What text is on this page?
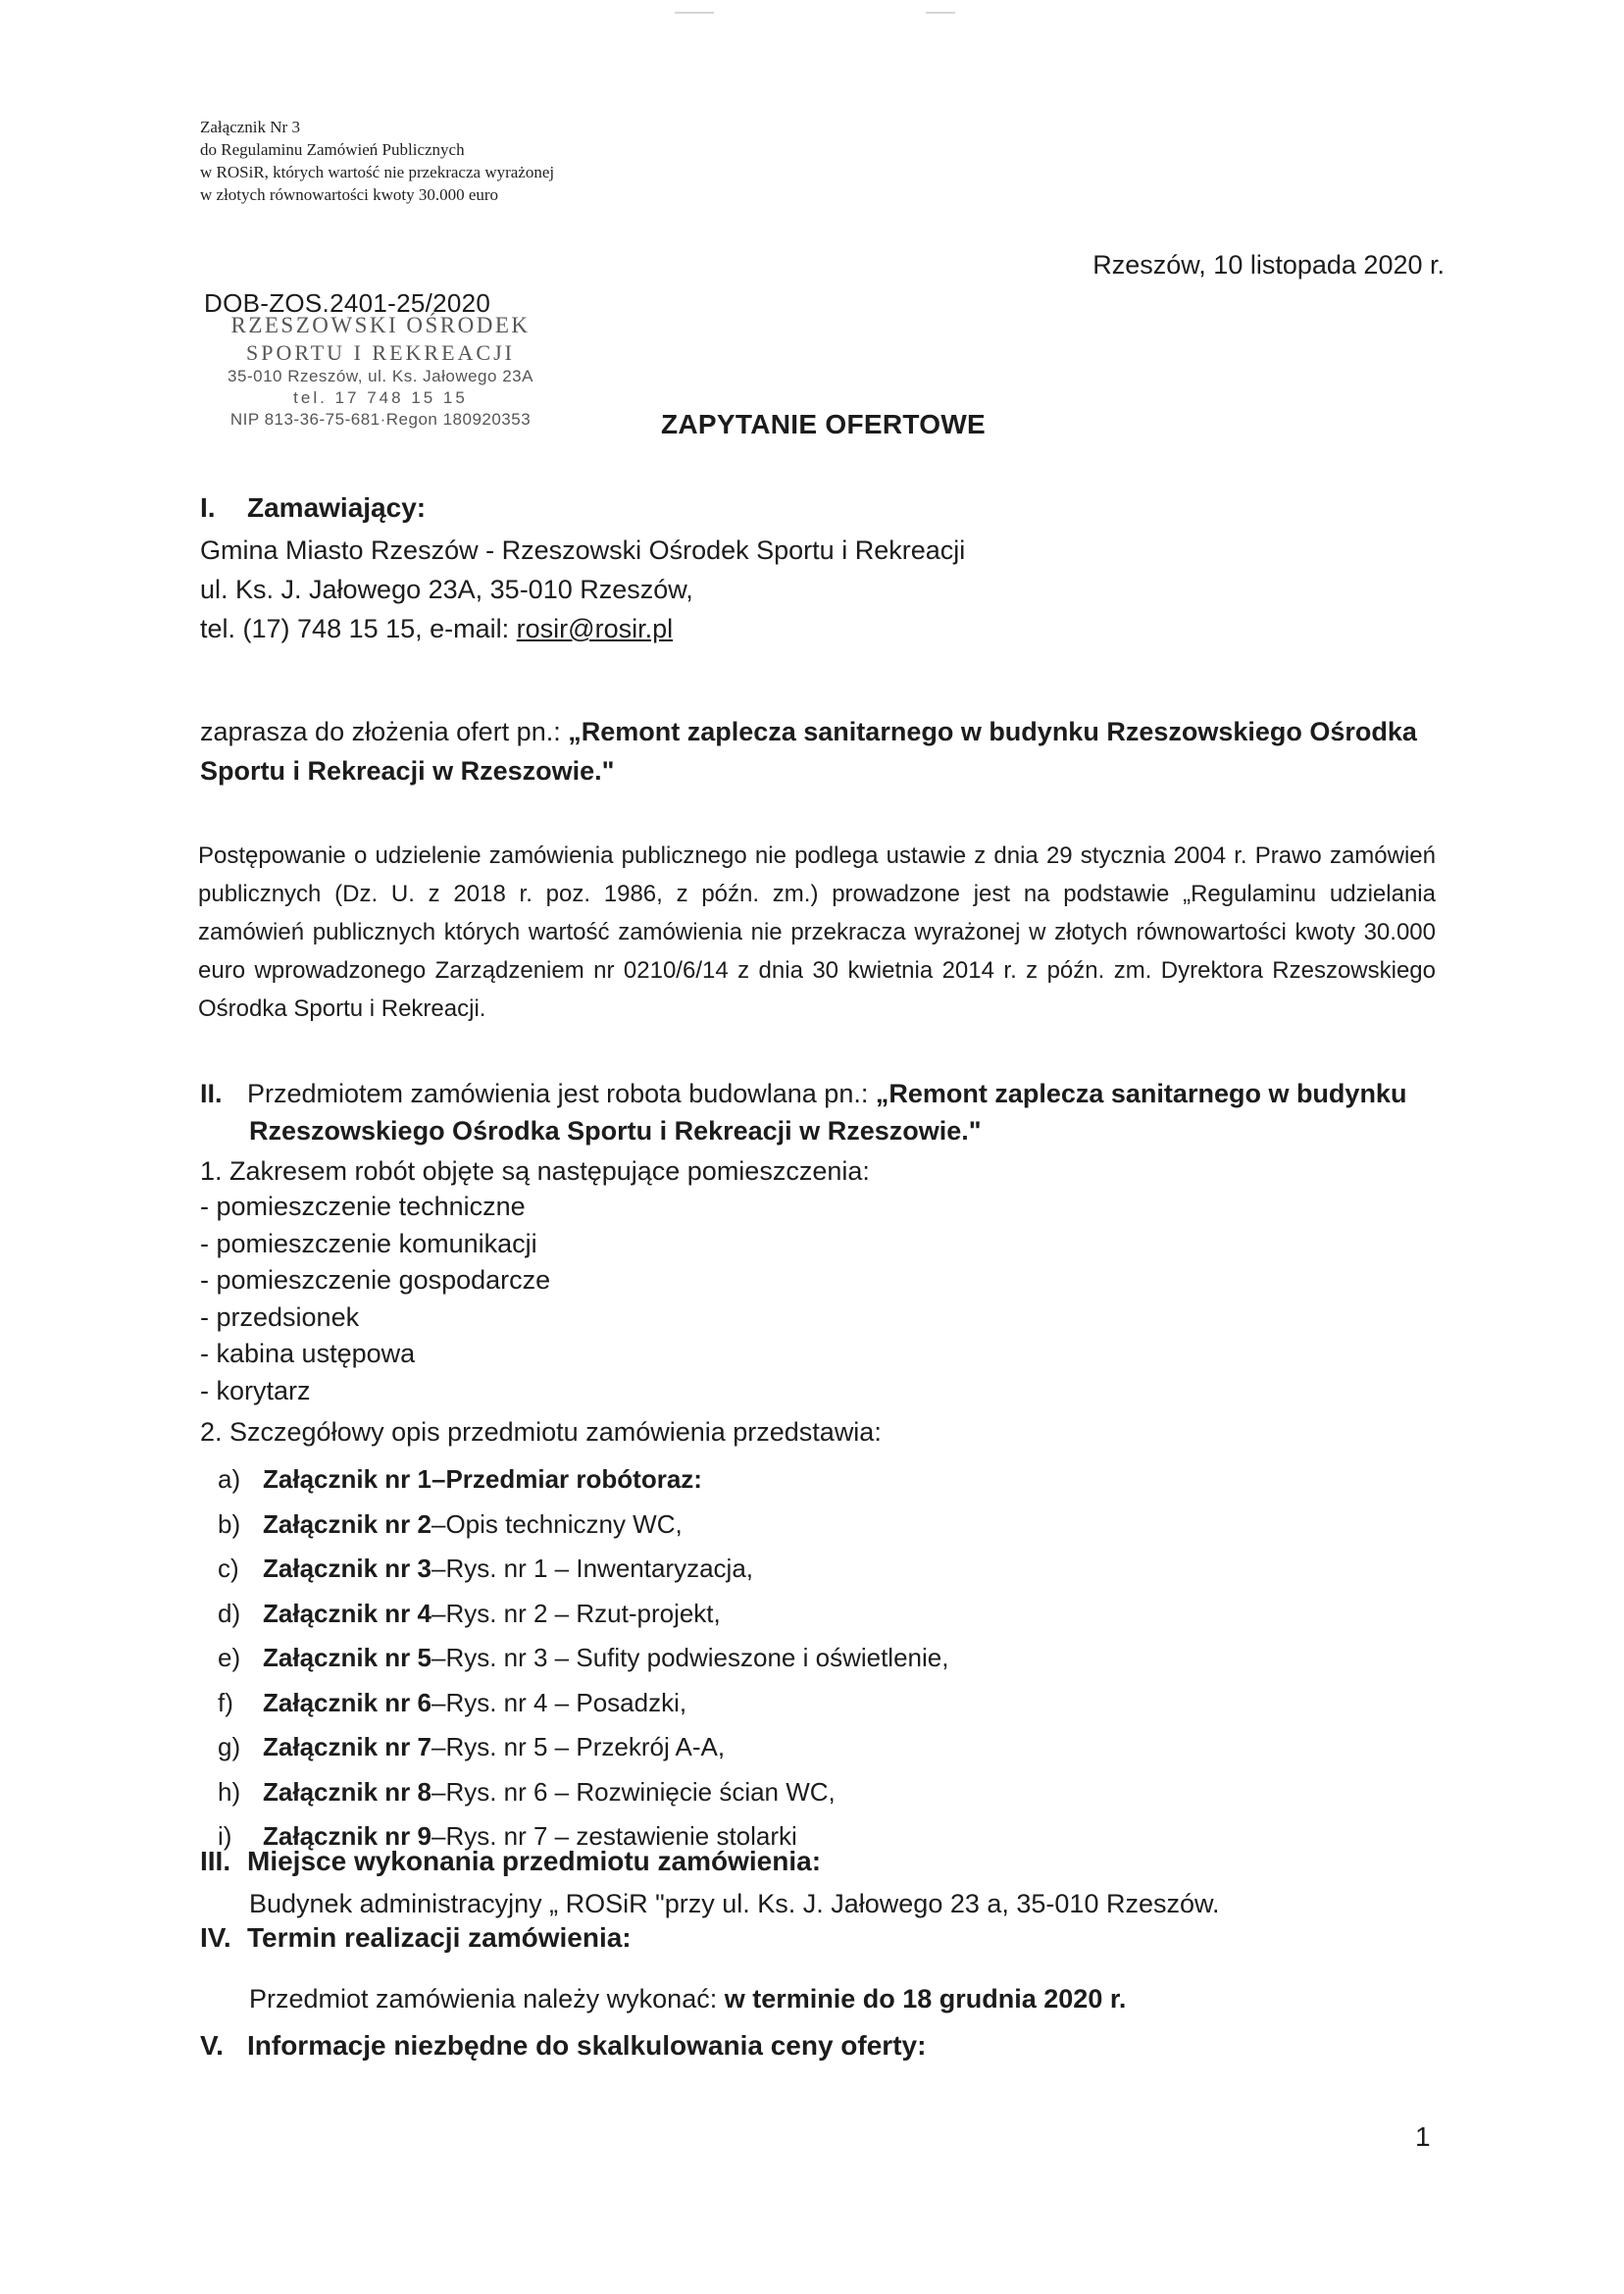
Załącznik Nr 3
do Regulaminu Zamówień Publicznych
w ROSiR, których wartość nie przekracza wyrażonej
w złotych równowartości kwoty 30.000 euro
Rzeszów, 10 listopada 2020 r.
DOB-ZOS.2401-25/2020
RZESZOWSKI OŚRODEK
SPORTU I REKREACJI
35-010 Rzeszów, ul. Ks. Jałowego 23A
tel. 17 748 15 15
NIP 813-36-75-681·Regon 180920353	ZAPYTANIE OFERTOWE
I. Zamawiający:
Gmina Miasto Rzeszów - Rzeszowski Ośrodek Sportu i Rekreacji
ul. Ks. J. Jałowego 23A, 35-010 Rzeszów,
tel. (17) 748 15 15, e-mail: rosir@rosir.pl
zaprasza do złożenia ofert pn.: „Remont zaplecza sanitarnego w budynku Rzeszowskiego Ośrodka
Sportu i Rekreacji w Rzeszowie."
Postępowanie o udzielenie zamówienia publicznego nie podlega ustawie z dnia 29 stycznia 2004 r. Prawo zamówień publicznych (Dz. U. z 2018 r. poz. 1986, z późn. zm.) prowadzone jest na podstawie „Regulaminu udzielania zamówień publicznych których wartość zamówienia nie przekracza wyrażonej w złotych równowartości kwoty 30.000 euro wprowadzonego Zarządzeniem nr 0210/6/14 z dnia 30 kwietnia 2014 r. z późn. zm. Dyrektora Rzeszowskiego Ośrodka Sportu i Rekreacji.
II. Przedmiotem zamówienia jest robota budowlana pn.: „Remont zaplecza sanitarnego w budynku
Rzeszowskiego Ośrodka Sportu i Rekreacji w Rzeszowie."
1. Zakresem robót objęte są następujące pomieszczenia:
- pomieszczenie techniczne
- pomieszczenie komunikacji
- pomieszczenie gospodarcze
- przedsionek
- kabina ustępowa
- korytarz
2. Szczegółowy opis przedmiotu zamówienia przedstawia:
a) Załącznik nr 1 – Przedmiar robót oraz:
b) Załącznik nr 2 – Opis techniczny WC,
c) Załącznik nr 3 – Rys. nr 1 – Inwentaryzacja,
d) Załącznik nr 4 – Rys. nr 2 – Rzut-projekt,
e) Załącznik nr 5 – Rys. nr 3 – Sufity podwieszone i oświetlenie,
f)	Załącznik nr 6 – Rys. nr 4 – Posadzki,
g) Załącznik nr 7 – Rys. nr 5 – Przekrój A-A,
h) Załącznik nr 8 – Rys. nr 6 – Rozwinięcie ścian WC,
i)	Załącznik nr 9 – Rys. nr 7 – zestawienie stolarki
III. Miejsce wykonania przedmiotu zamówienia:
Budynek administracyjny „ ROSiR "przy ul. Ks. J. Jałowego 23 a, 35-010 Rzeszów.
IV. Termin realizacji zamówienia:
Przedmiot zamówienia należy wykonać: w terminie do 18 grudnia 2020 r.
V. Informacje niezbędne do skalkulowania ceny oferty:
1
